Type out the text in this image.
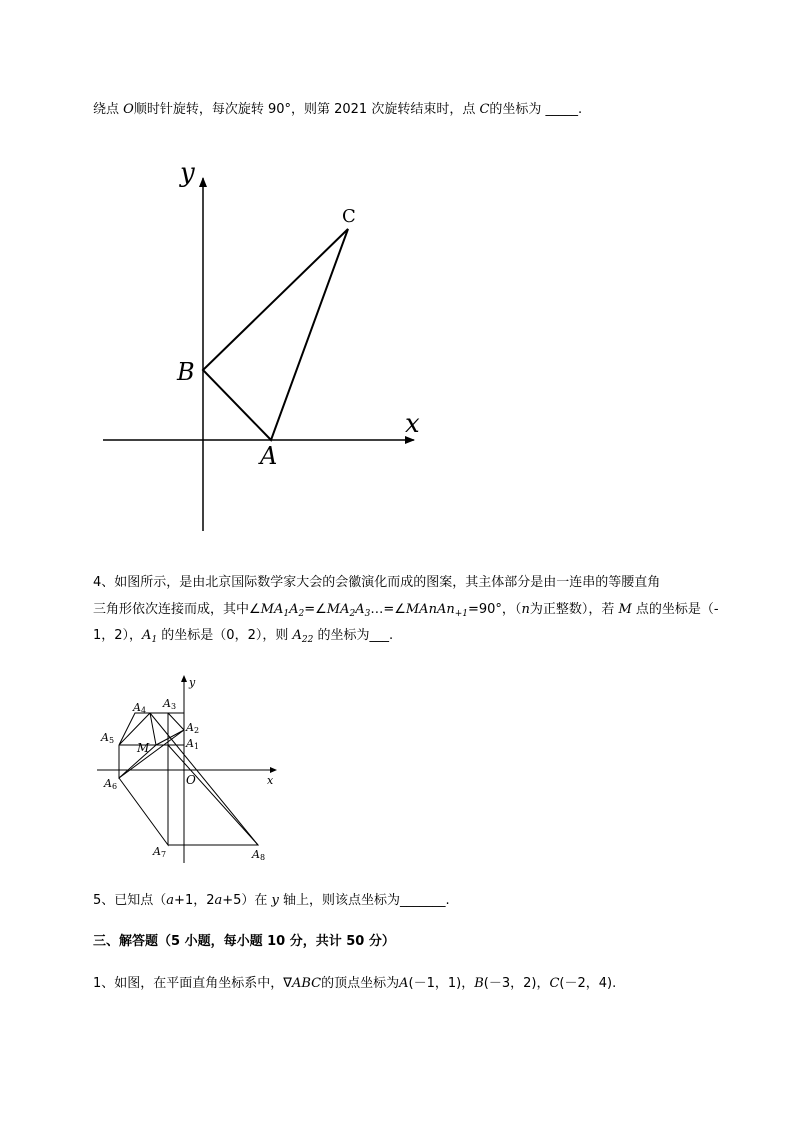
绕点 O顺时针旋转，每次旋转 90°，则第 2021 次旋转结束时，点 C的坐标为 _____.
y
x
C
B
A
y
x
O
M	A 1
A 2
A 3
A 4
A 5
A 6
A 7	A 8
4、如图所示，是由北京国际数学家大会的会徽演化而成的图案，其主体部分是由一连串的等腰直角
三角形依次连接而成，其中$\angle MA_1A_2=\angle MA_2A_3\dots=\angle MAnAn_{+1}=90^\circ$，（n为正整数），若 M 点的坐标是（-
1，2），$A_1$ 的坐标是（0，2），则 $A_{22}$ 的坐标为___.
5、已知点（a+1，2a+5）在 y 轴上，则该点坐标为_______.
三、解答题（5 小题，每小题 10 分，共计 50 分）
1、如图，在平面直角坐标系中，∇ABC的顶点坐标为A(－1，1)，B(－3，2)，C(－2，4).
